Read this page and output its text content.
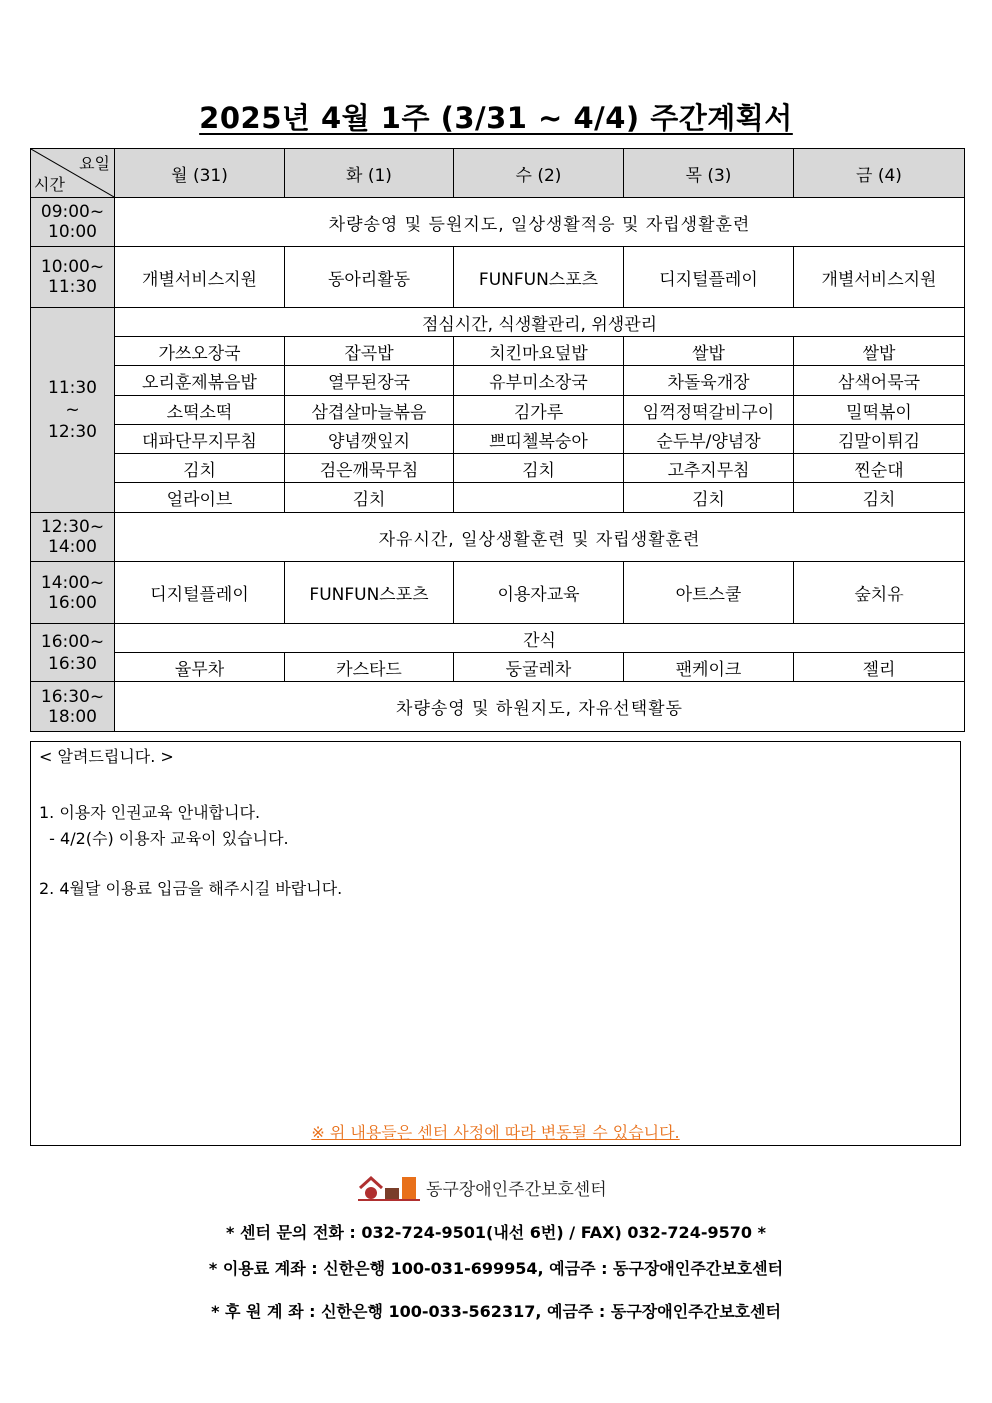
2025년 4월 1주 (3/31 ~ 4/4) 주간계획서
요일
시간	월 (31)	화 (1)	수 (2)	목 (3)	금 (4)
09:00~
10:00	차량송영 및 등원지도, 일상생활적응 및 자립생활훈련				
10:00~
11:30	개별서비스지원	동아리활동	FUNFUN스포츠	디지털플레이	개별서비스지원
11:30
~
12:30	점심시간, 식생활관리, 위생관리				
	가쓰오장국	잡곡밥	치킨마요덮밥	쌀밥	쌀밥
	오리훈제볶음밥	열무된장국	유부미소장국	차돌육개장	삼색어묵국
	소떡소떡	삼겹살마늘볶음	김가루	임꺽정떡갈비구이	밀떡볶이
	대파단무지무침	양념깻잎지	쁘띠첼복숭아	순두부/양념장	김말이튀김
	김치	검은깨묵무침	김치	고추지무침	찐순대
	얼라이브	김치		김치	김치
12:30~
14:00	자유시간, 일상생활훈련 및 자립생활훈련				
14:00~
16:00	디지털플레이	FUNFUN스포츠	이용자교육	아트스쿨	숲치유
16:00~
16:30	간식				
	율무차	카스타드	둥굴레차	팬케이크	젤리
16:30~
18:00	차량송영 및 하원지도, 자유선택활동				
< 알려드립니다. >
1. 이용자 인권교육 안내합니다.
- 4/2(수) 이용자 교육이 있습니다.
2. 4월달 이용료 입금을 해주시길 바랍니다.
※ 위 내용들은 센터 사정에 따라 변동될 수 있습니다.
동구장애인주간보호센터
* 센터 문의 전화 : 032-724-9501(내선 6번) / FAX) 032-724-9570 *
* 이용료 계좌 : 신한은행 100-031-699954, 예금주 : 동구장애인주간보호센터
* 후 원 계 좌 : 신한은행 100-033-562317, 예금주 : 동구장애인주간보호센터
